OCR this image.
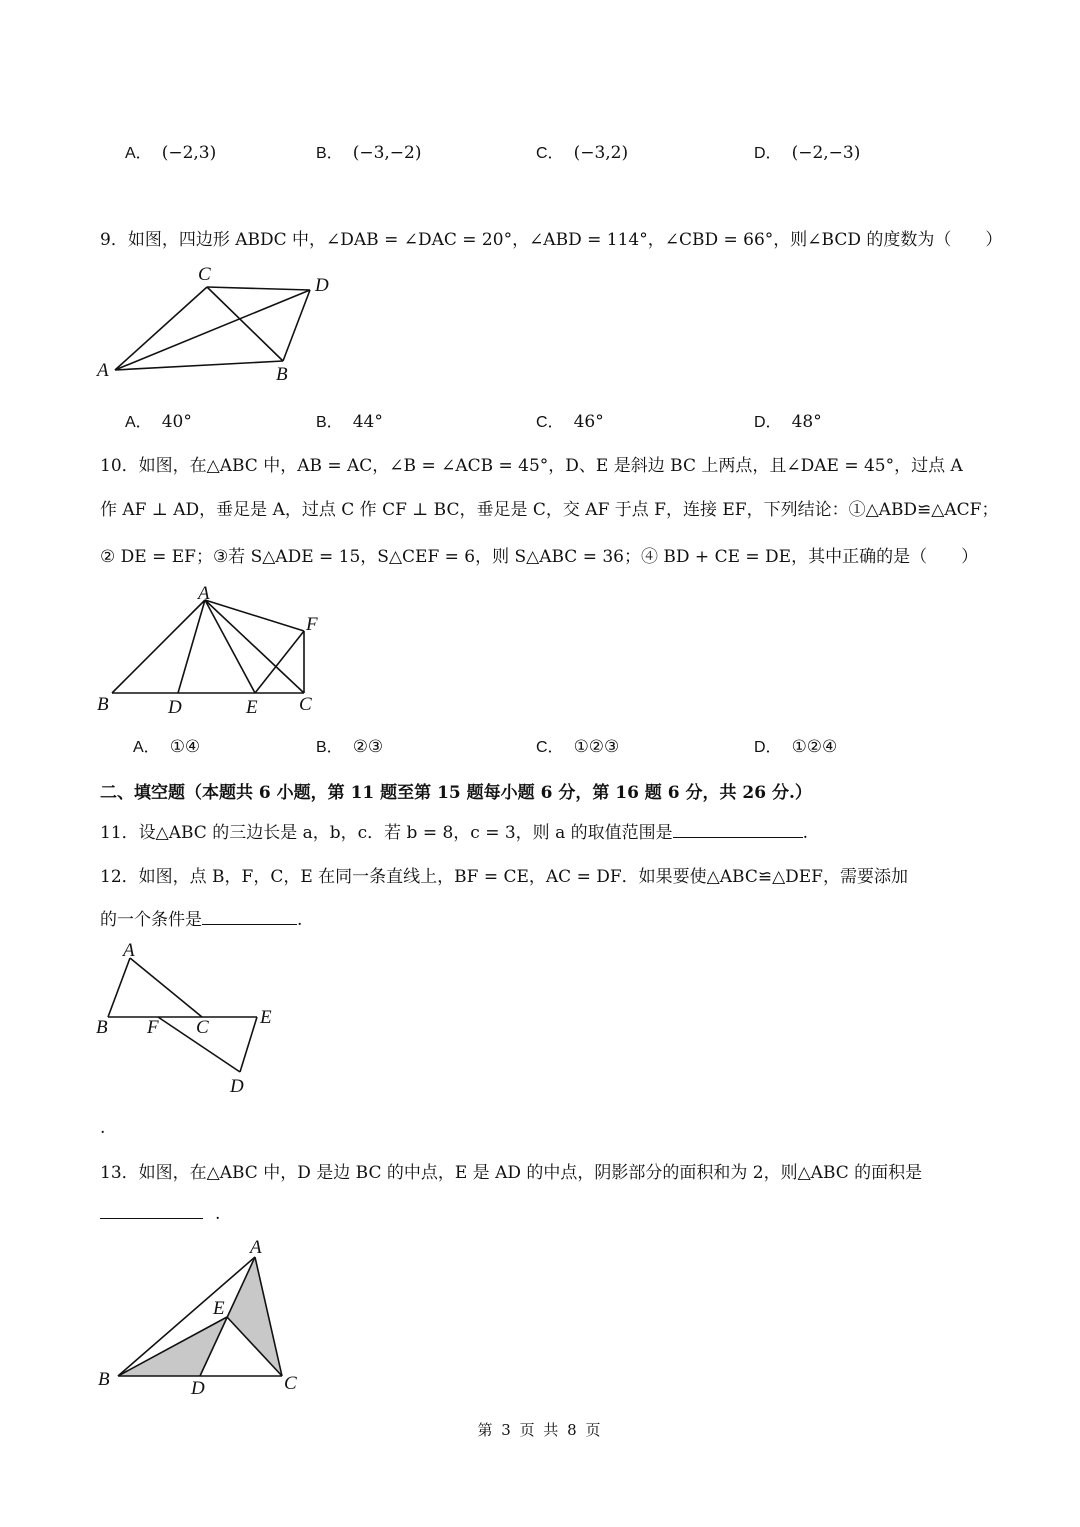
A． (−2,3)	B． (−3,−2)	C． (−3,2)	D． (−2,−3)
9．如图，四边形 ABDC 中，∠DAB = ∠DAC = 20°，∠ABD = 114°，∠CBD = 66°，则∠BCD 的度数为（　　）
A
C
D
B
A． 40°	B． 44°	C． 46°	D． 48°
10．如图，在△ABC 中，AB = AC，∠B = ∠ACB = 45°，D、E 是斜边 BC 上两点，且∠DAE = 45°，过点 A
作 AF ⊥ AD，垂足是 A，过点 C 作 CF ⊥ BC，垂足是 C，交 AF 于点 F，连接 EF，下列结论：①△ABD≌△ACF；
② DE = EF；③若 S△ADE = 15，S△CEF = 6，则 S△ABC = 36；④ BD + CE = DE，其中正确的是（　　）
A
F
B	D	E C
A． ①④	B． ②③	C． ①②③	D． ①②④
二、填空题（本题共 6 小题，第 11 题至第 15 题每小题 6 分，第 16 题 6 分，共 26 分.）
11．设△ABC 的三边长是 a，b，c．若 b = 8，c = 3，则 a 的取值范围是	.
12．如图，点 B，F，C，E 在同一条直线上，BF = CE，AC = DF．如果要使△ABC≌△DEF，需要添加
的一个条件是	.
A
B F C	E
D
.
13．如图，在△ABC 中，D 是边 BC 的中点，E 是 AD 的中点，阴影部分的面积和为 2，则△ABC 的面积是
.
A
E
B	D	C
第 3 页 共 8 页
